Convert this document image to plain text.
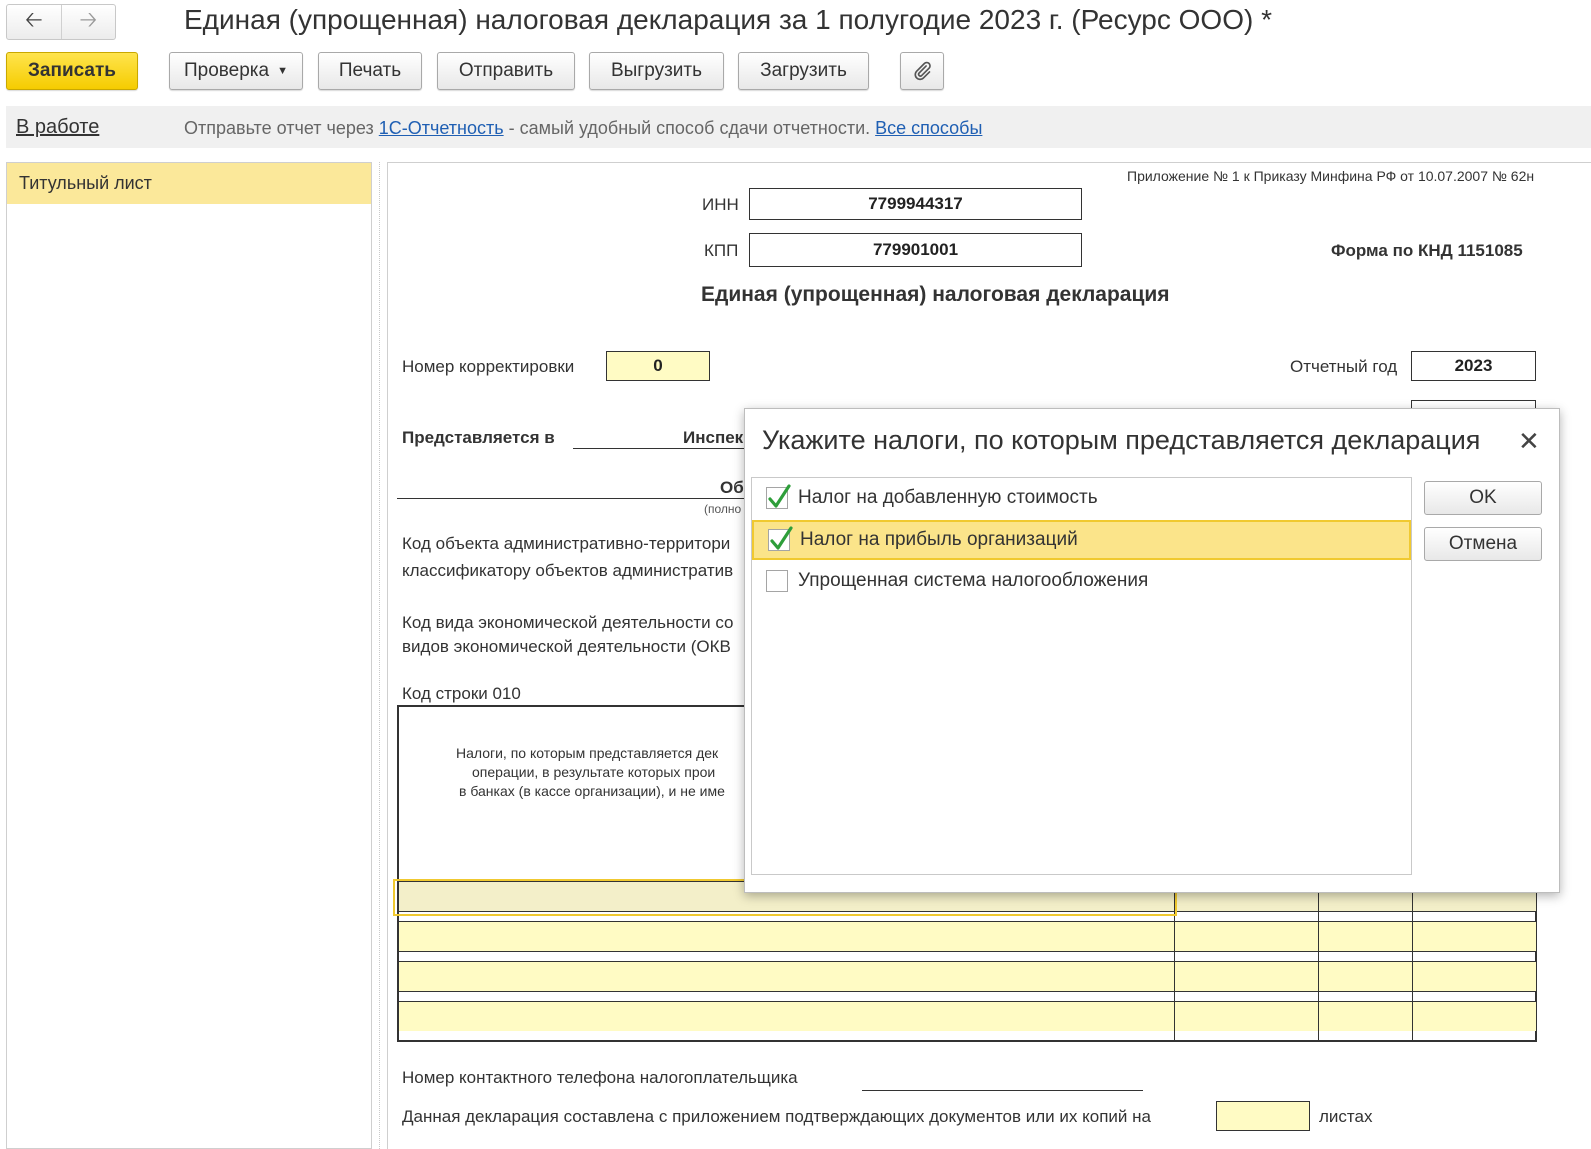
🡠	🡢	Единая (упрощенная) налоговая декларация за 1 полугодие 2023 г. (Ресурс ООО) *
Записать	Проверка ▼	Печать	Отправить	Выгрузить	Загрузить
В работе	Отправьте отчет через 1С-Отчетность - самый удобный способ сдачи отчетности. Все способы
Титульный лист	Приложение № 1 к Приказу Минфина РФ от 10.07.2007 № 62н
ИНН	7799944317
КПП	779901001	Форма по КНД 1151085
Единая (упрощенная) налоговая декларация
Номер корректировки	0	Отчетный год	2023
Представляется в	Инспек
Об
(полно
Код объекта административно-территори
классификатору объектов административ
Код вида экономической деятельности со
видов экономической деятельности (ОКВ
Код строки 010
Налоги, по которым представляется дек
операции, в результате которых прои
в банках (в кассе организации), и не име
Номер контактного телефона налогоплательщика
Данная декларация составлена с приложением подтверждающих документов или их копий на	листах
Укажите налоги, по которым представляется декларация ✕
Налог на добавленную стоимость
Налог на прибыль организаций
Упрощенная система налогообложения
OK
Отмена
